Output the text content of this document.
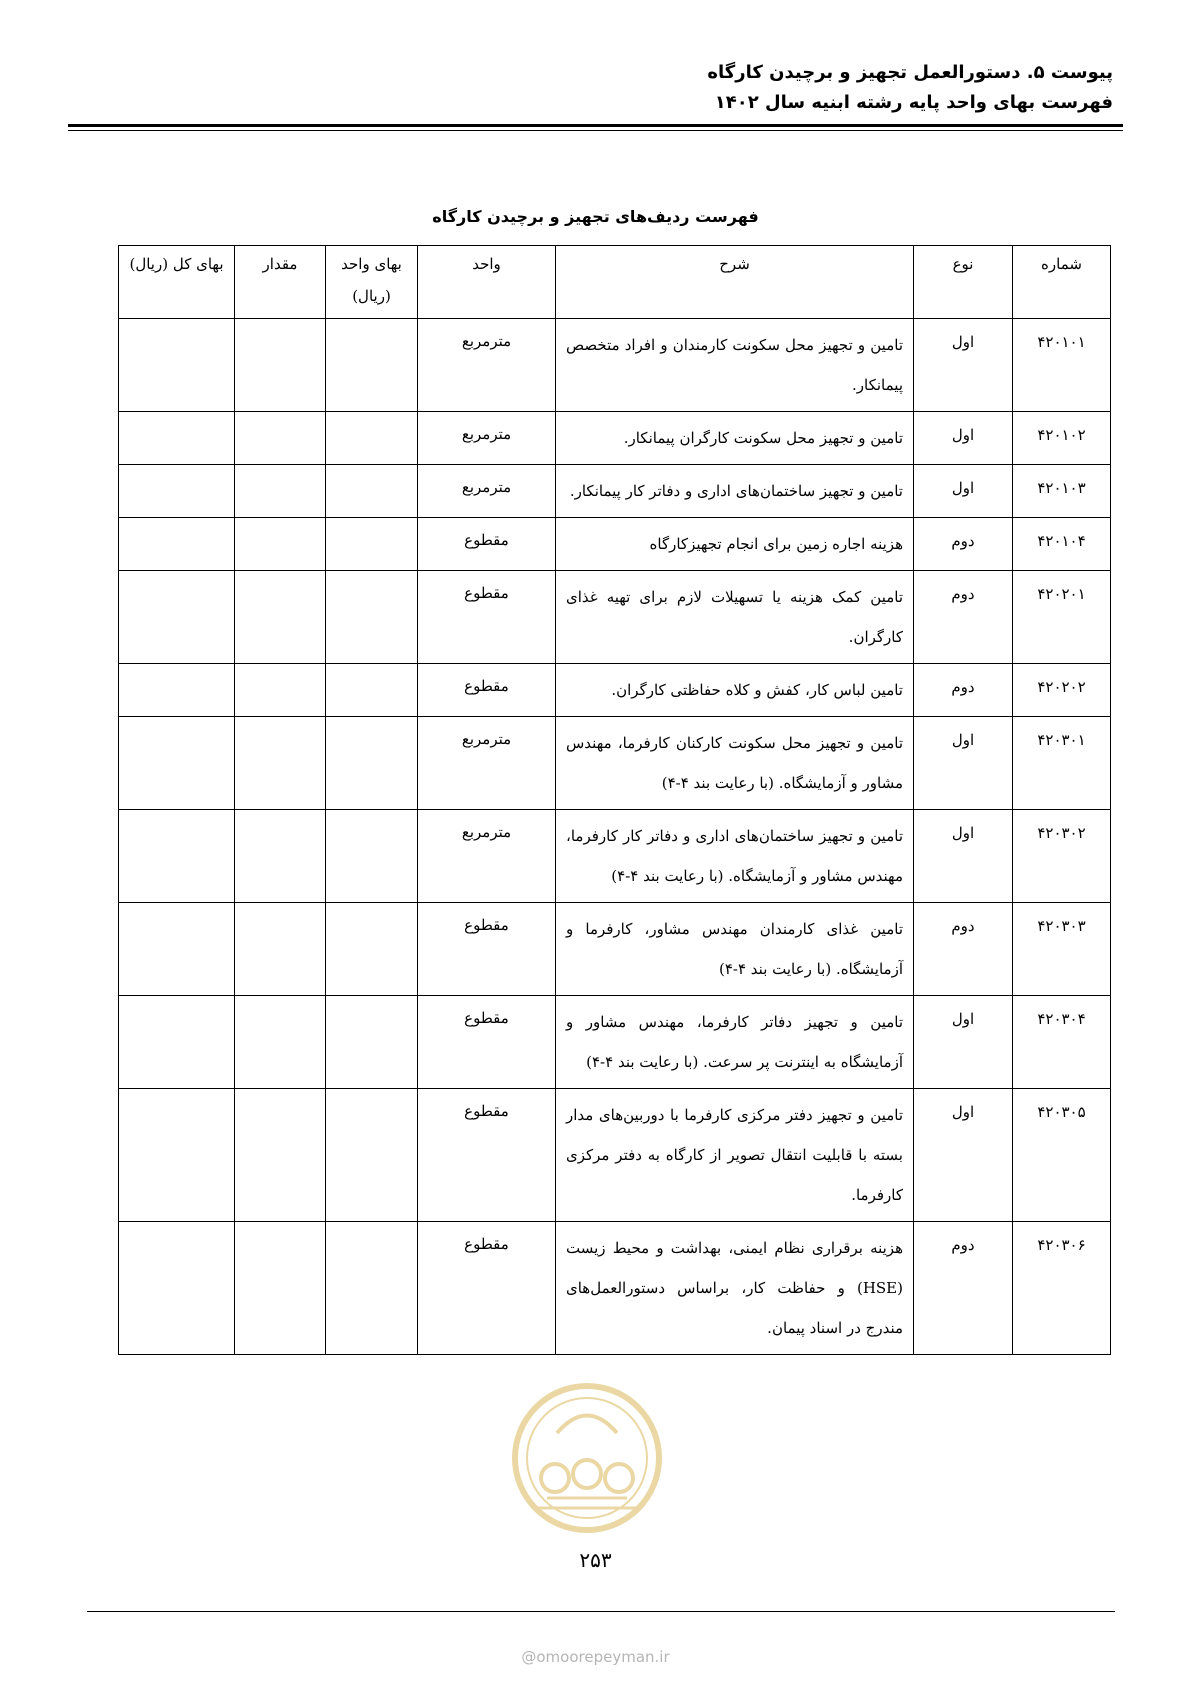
پیوست ۵. دستورالعمل تجهیز و برچیدن کارگاه
فهرست بهای واحد پایه رشته ابنیه سال ۱۴۰۲
فهرست ردیف‌های تجهیز و برچیدن کارگاه
شماره	نوع	شرح	واحد	بهای واحد (ریال)	مقدار	بهای کل (ریال)
۴۲۰۱۰۱	اول	تامین و تجهیز محل سکونت کارمندان و افراد متخصص پیمانکار.	مترمربع			
۴۲۰۱۰۲	اول	تامین و تجهیز محل سکونت کارگران پیمانکار.	مترمربع			
۴۲۰۱۰۳	اول	تامین و تجهیز ساختمان‌های اداری و دفاتر کار پیمانکار.	مترمربع			
۴۲۰۱۰۴	دوم	هزینه اجاره زمین برای انجام تجهیزکارگاه	مقطوع			
۴۲۰۲۰۱	دوم	تامین کمک هزینه یا تسهیلات لازم برای تهیه غذای کارگران.	مقطوع			
۴۲۰۲۰۲	دوم	تامین لباس کار، کفش و کلاه حفاظتی کارگران.	مقطوع			
۴۲۰۳۰۱	اول	تامین و تجهیز محل سکونت کارکنان کارفرما، مهندس مشاور و آزمایشگاه. (با رعایت بند ۴-۴)	مترمربع			
۴۲۰۳۰۲	اول	تامین و تجهیز ساختمان‌های اداری و دفاتر کار کارفرما، مهندس مشاور و آزمایشگاه. (با رعایت بند ۴-۴)	مترمربع			
۴۲۰۳۰۳	دوم	تامین غذای کارمندان مهندس مشاور، کارفرما و آزمایشگاه. (با رعایت بند ۴-۴)	مقطوع			
۴۲۰۳۰۴	اول	تامین و تجهیز دفاتر کارفرما، مهندس مشاور و آزمایشگاه به اینترنت پر سرعت. (با رعایت بند ۴-۴)	مقطوع			
۴۲۰۳۰۵	اول	تامین و تجهیز دفتر مرکزی کارفرما با دوربین‌های مدار بسته با قابلیت انتقال تصویر از کارگاه به دفتر مرکزی کارفرما.	مقطوع			
۴۲۰۳۰۶	دوم	هزینه برقراری نظام ایمنی، بهداشت و محیط زیست (HSE) و حفاظت کار، براساس دستورالعمل‌های مندرج در اسناد پیمان.	مقطوع			
۲۵۳
@omoorepeyman.ir
